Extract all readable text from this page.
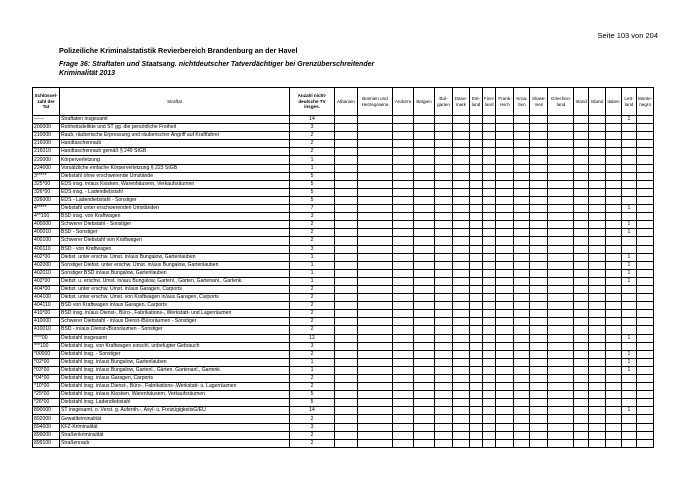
Seite 103 von 204
Polizeiliche Kriminalstatistik Revierbereich Brandenburg an der Havel
Frage 36: Straftaten und Staatsang. nichtdeutscher Tatverdächtiger bei Grenzüberschreitender
Kriminalität 2013
Schlüssel-zahl der Tat	Straftat	Anzahl nicht-deutsche TV insges.	Albanien	Bosnien und Herzegowina	Andorra	Belgien	Bul-garien	Däne-mark	Est-land	Finn-land	Frank-reich	Kroa-tien	Slowe-nien	Griechen-land	Irland	Island	Italien	Lett-land	Monte-negro
------	Straftaten insgesamt	14																1	
200000	Rohheitsdelikte und ST gg. die persönliche Freiheit	3																	
210000	Raub, räuberische Erpressung und räuberischer Angriff auf Kraftfahrer	2																	
216000	Handtaschenraub	2																	
216010	Handtaschenraub gemäß § 249 StGB	2																	
220000	Körperverletzung	1																	
224000	Vorsätzliche einfache Körperverletzung § 223 StGB	1																	
3*****	Diebstahl ohne erschwerende Umstände	5																	
325*00	EDS insg. in/aus Kiosken, Warenhäusern, Verkaufsräumen	5																	
326*00	EDS insg. - Ladendiebstahl	5																	
326000	EDS - Ladendiebstahl - Sonstiger	5																	
4*****	Diebstahl unter erschwerenden Umständen	7																1	
4**100	BSD insg. von Kraftwagen	3																	
400000	Schwerer Diebstahl - Sonstiger	2																1	
400010	BSD - Sonstiger	2																1	
400100	Schwerer Diebstahl von Kraftwagen	2																	
400110	BSD - von Kraftwagen	3																	
402*00	Diebst. unter erschw. Umst. in/aus Bungalow, Gartenlauben	1																1	
402000	Sonstiger Diebst. unter erschw. Umst. in/aus Bungalow, Gartenlauben	1																1	
402010	Sonstiger BSD in/aus Bungalow, Gartenlauben	1																1	
403*00	Diebst. u. erschw. Umst. in/aus Bungalow, Gartenl., Gärten, Gartenanl., Gartenk.	1																1	
404*00	Diebst. unter erschw. Umst. in/aus Garagen, Carports	2																	
404100	Diebst. unter erschw. Umst. von Kraftwagen in/aus Garagen, Carports	2																	
404110	BSD von Kraftwagen in/aus Garagen, Carports	2																	
410*00	BSD insg. in/aus Dienst-, Büro-, Fabrikations-, Werkstatt- und Lagerräumen	2																	
410000	Schwerer Diebstahl - in/aus Dienst-/Büroräumen - Sonstiger	2																	
410010	BSD - in/aus Dienst-/Büroräumen - Sonstiger	2																	
****00	Diebstahl insgesamt	12																1	
***100	Diebstahl insg. von Kraftwagen einschl. unbefugter Gebrauch	3																	
*00000	Diebstahl insg. - Sonstiger	2																1	
*02*00	Diebstahl insg. in/aus Bungalow, Gartenlauben	1																1	
*03*00	Diebstahl insg. in/aus Bungalow, Gartenl., Gärten, Gartenanl., Gartenk.	1																1	
*04*00	Diebstahl insg. in/aus Garagen, Carports	2																	
*10*00	Diebstahl insg. in/aus Dienst-, Büro-, Fabrikations-,Werkstatt- u. Lagerräumen	2																	
*25*00	Diebstahl insg. in/aus Kiosken, Warenhäusern, Verkaufsräumen	5																	
*26*00	Diebstahl insg. Ladendiebstahl	5																	
890000	ST insgesamt, o. Verst. g. Aufenth.-, Asyl- u. FreizügigkeitsG/EU	14																1	
892000	Gewaltkriminalität	2																	
894000	KFZ-Kriminalität	3																	
899000	Straßenkriminalität	2																	
899100	Straßenraub	2																	
